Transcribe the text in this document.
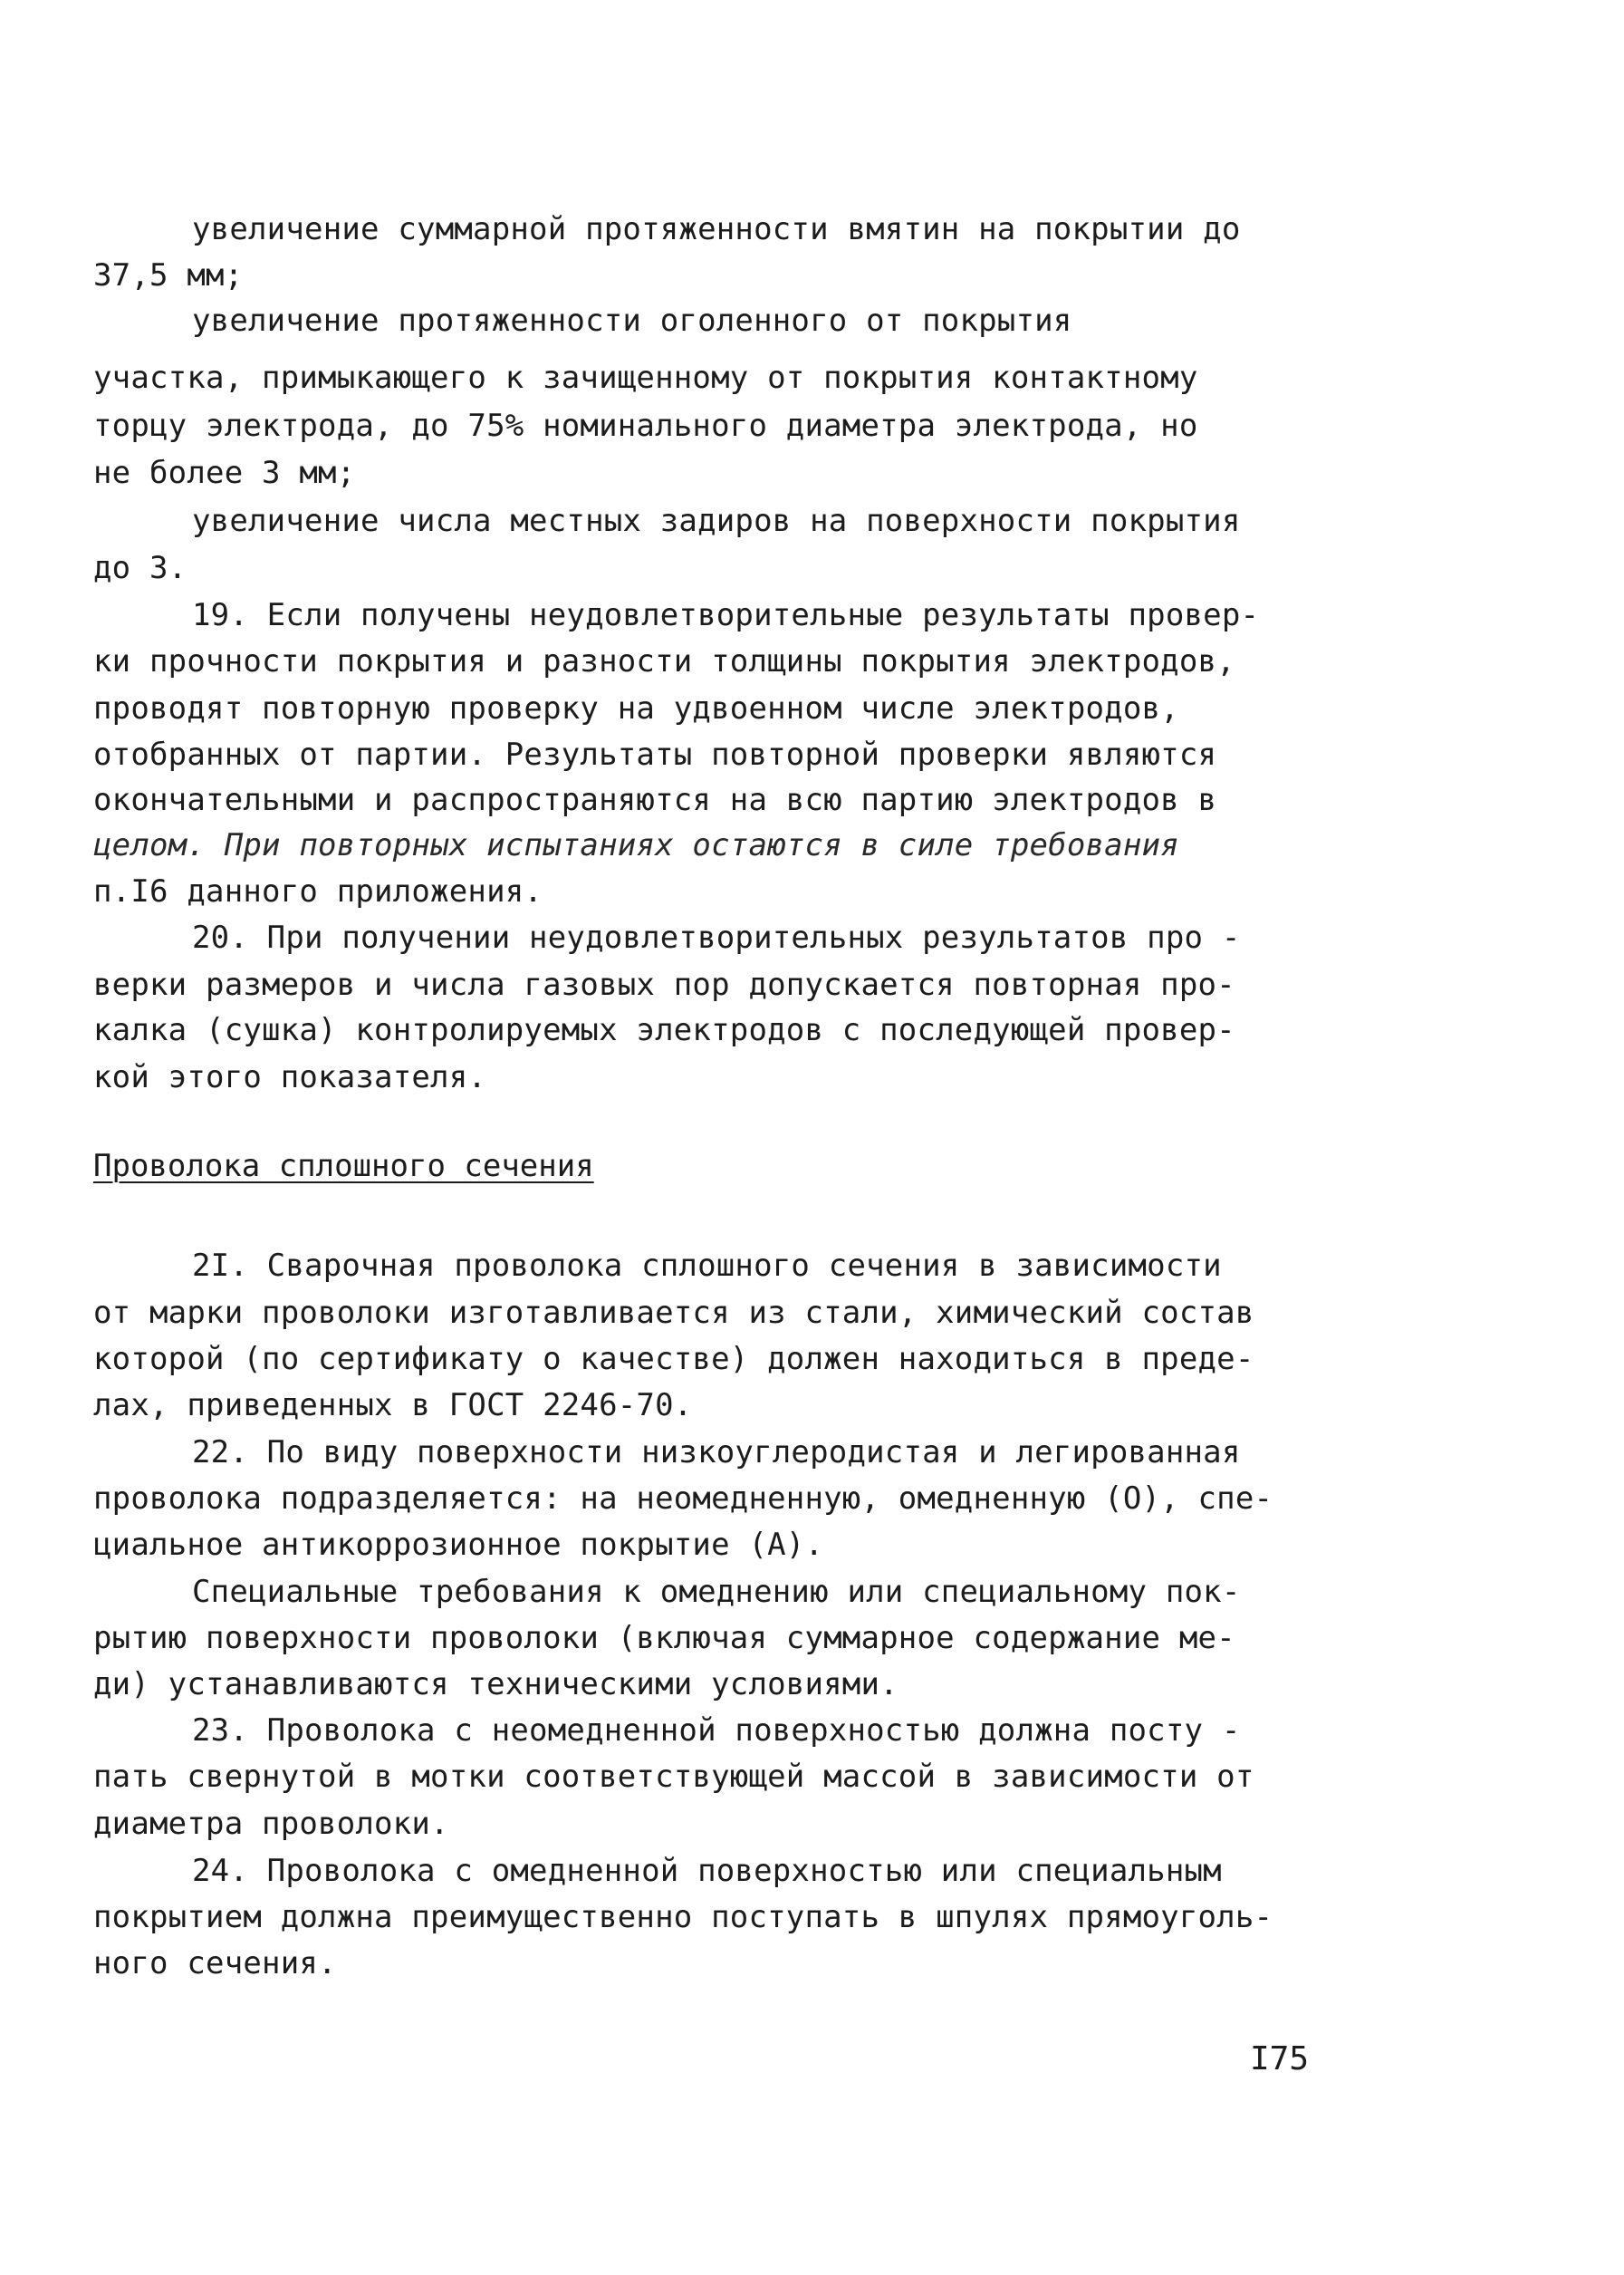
увеличение суммарной протяженности вмятин на покрытии до
37,5 мм;
увеличение протяженности оголенного от покрытия
участка, примыкающего к зачищенному от покрытия контактному
торцу электрода, до 75% номинального диаметра электрода, но
не более 3 мм;
увеличение числа местных задиров на поверхности покрытия
до 3.
19. Если получены неудовлетворительные результаты провер-
ки прочности покрытия и разности толщины покрытия электродов,
проводят повторную проверку на удвоенном числе электродов,
отобранных от партии. Результаты повторной проверки являются
окончательными и распространяются на всю партию электродов в
целом. При повторных испытаниях остаются в силе требования
п.I6 данного приложения.
20. При получении неудовлетворительных результатов про -
верки размеров и числа газовых пор допускается повторная про-
калка (сушка) контролируемых электродов с последующей провер-
кой этого показателя.
Проволока сплошного сечения
2I. Сварочная проволока сплошного сечения в зависимости
от марки проволоки изготавливается из стали, химический состав
которой (по сертификату о качестве) должен находиться в преде-
лах, приведенных в ГОСТ 2246-70.
22. По виду поверхности низкоуглеродистая и легированная
проволока подразделяется: на неомедненную, омедненную (О), спе-
циальное антикоррозионное покрытие (А).
Специальные требования к омеднению или специальному пок-
рытию поверхности проволоки (включая суммарное содержание ме-
ди) устанавливаются техническими условиями.
23. Проволока с неомедненной поверхностью должна посту -
пать свернутой в мотки соответствующей массой в зависимости от
диаметра проволоки.
24. Проволока с омедненной поверхностью или специальным
покрытием должна преимущественно поступать в шпулях прямоуголь-
ного сечения.
I75
